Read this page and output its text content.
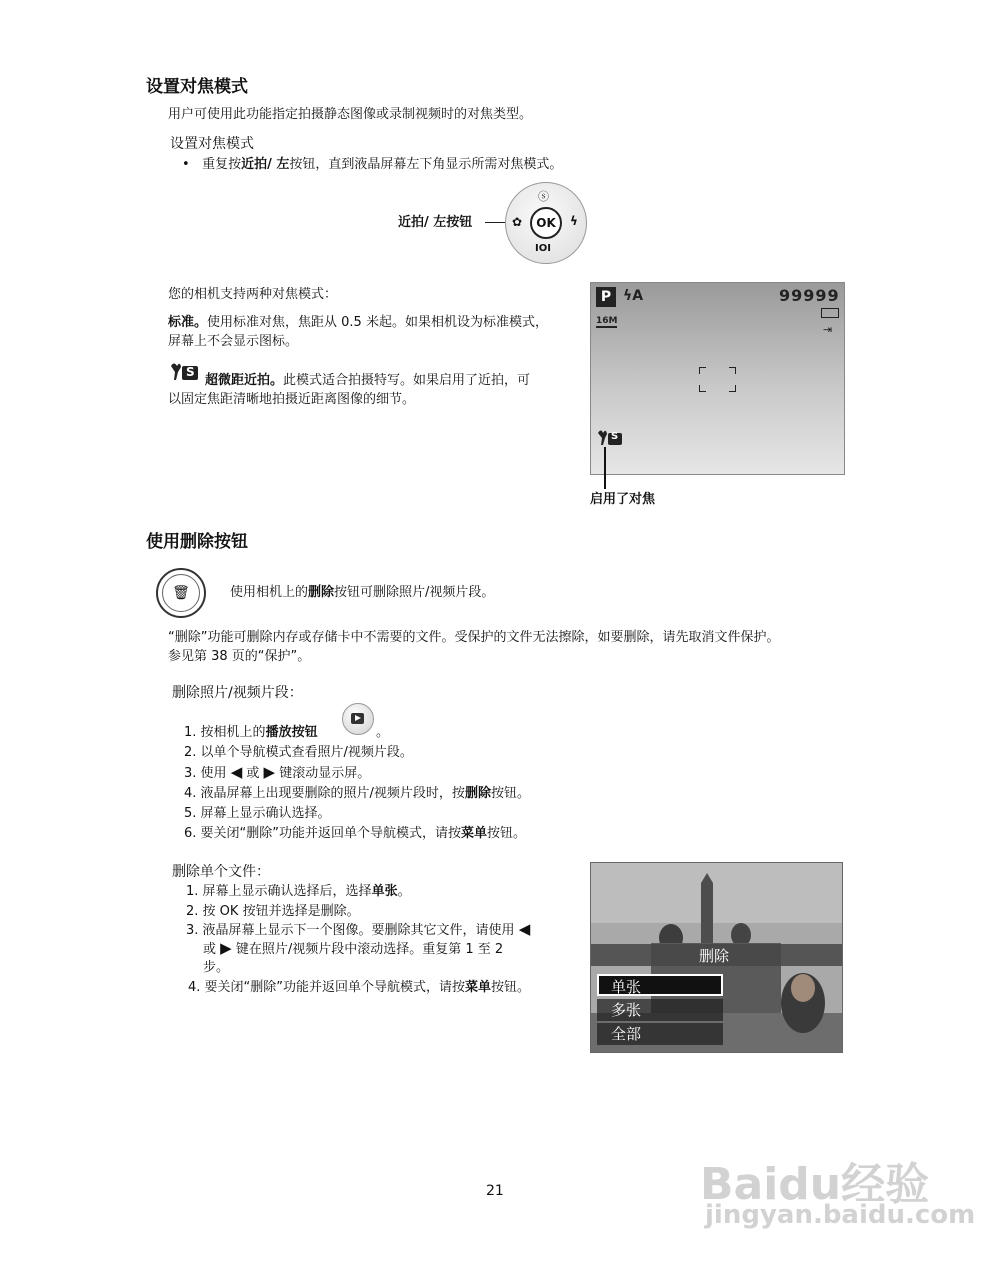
设置对焦模式
用户可使用此功能指定拍摄静态图像或录制视频时的对焦类型。
设置对焦模式
• 重复按近拍/ 左按钮，直到液晶屏幕左下角显示所需对焦模式。
近拍/ 左按钮
ⓢ
✿	OK	ϟ
IOI
您的相机支持两种对焦模式：
标准。使用标准对焦，焦距从 0.5 米起。如果相机设为标准模式，
屏幕上不会显示图标。
S
超微距近拍。此模式适合拍摄特写。如果启用了近拍，可
以固定焦距清晰地拍摄近距离图像的细节。
P ϟA	99999
16M
⇥
S
启用了对焦
使用删除按钮
🗑	使用相机上的删除按钮可删除照片/视频片段。
“删除”功能可删除内存或存储卡中不需要的文件。受保护的文件无法擦除，如要删除，请先取消文件保护。
参见第 38 页的“保护”。
删除照片/视频片段：
1. 按相机上的播放按钮	。
2. 以单个导航模式查看照片/视频片段。
3. 使用 ◀ 或 ▶ 键滚动显示屏。
4. 液晶屏幕上出现要删除的照片/视频片段时，按删除按钮。
5. 屏幕上显示确认选择。
6. 要关闭“删除”功能并返回单个导航模式，请按菜单按钮。
删除单个文件：
1. 屏幕上显示确认选择后，选择单张。
2. 按 OK 按钮并选择是删除。
3. 液晶屏幕上显示下一个图像。要删除其它文件，请使用 ◀
或 ▶ 键在照片/视频片段中滚动选择。重复第 1 至 2
步。
4. 要关闭“删除”功能并返回单个导航模式，请按菜单按钮。
删除
单张
多张
全部
21	Baidu经验
jingyan.baidu.com
